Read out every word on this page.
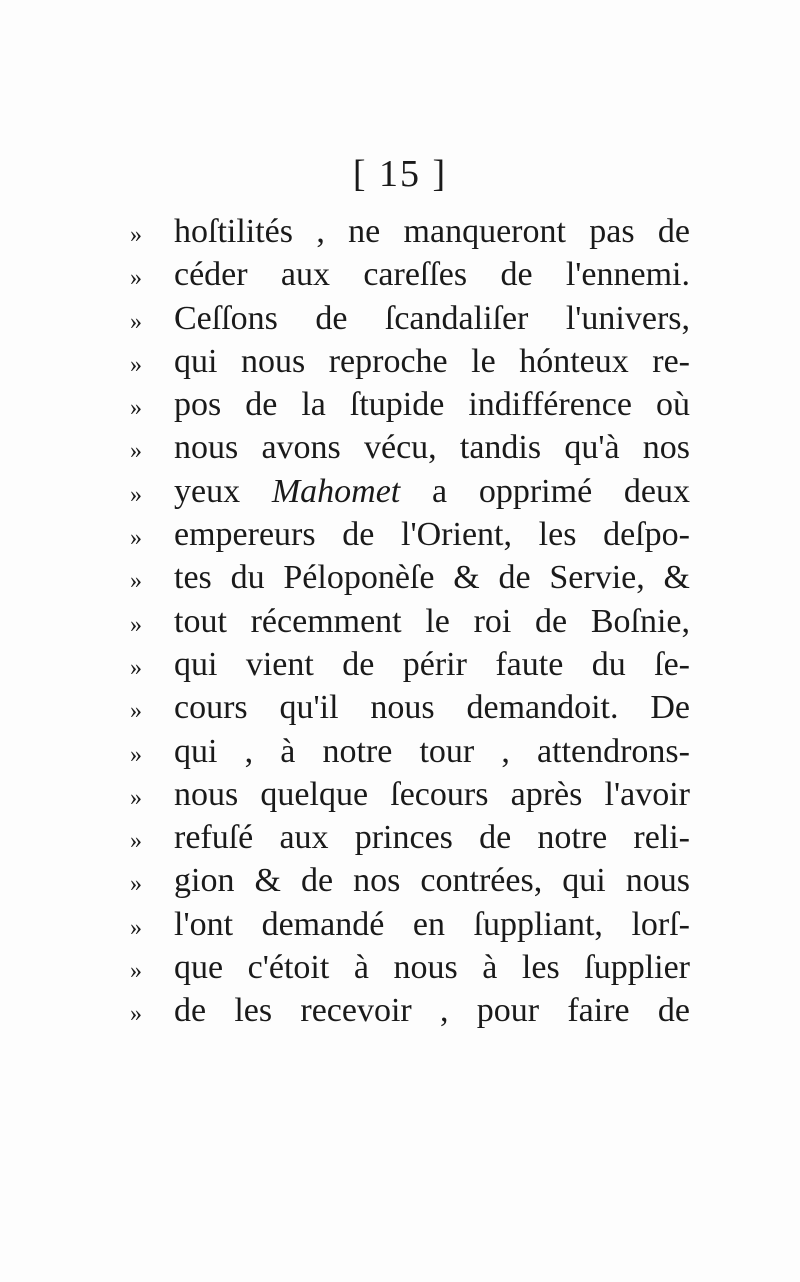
[ 15 ]
» hoſtilités , ne manqueront pas de
» céder aux careſſes de l'ennemi.
» Ceſſons de ſcandaliſer l'univers,
» qui nous reproche le hónteux re-
» pos de la ſtupide indifférence où
» nous avons vécu, tandis qu'à nos
» yeux Mahomet a opprimé deux
» empereurs de l'Orient, les deſpo-
» tes du Péloponèſe & de Servie, &
» tout récemment le roi de Boſnie,
» qui vient de périr faute du ſe-
» cours qu'il nous demandoit. De
» qui , à notre tour , attendrons-
» nous quelque ſecours après l'avoir
» refuſé aux princes de notre reli-
» gion & de nos contrées, qui nous
» l'ont demandé en ſuppliant, lorſ-
» que c'étoit à nous à les ſupplier
» de les recevoir , pour faire de
